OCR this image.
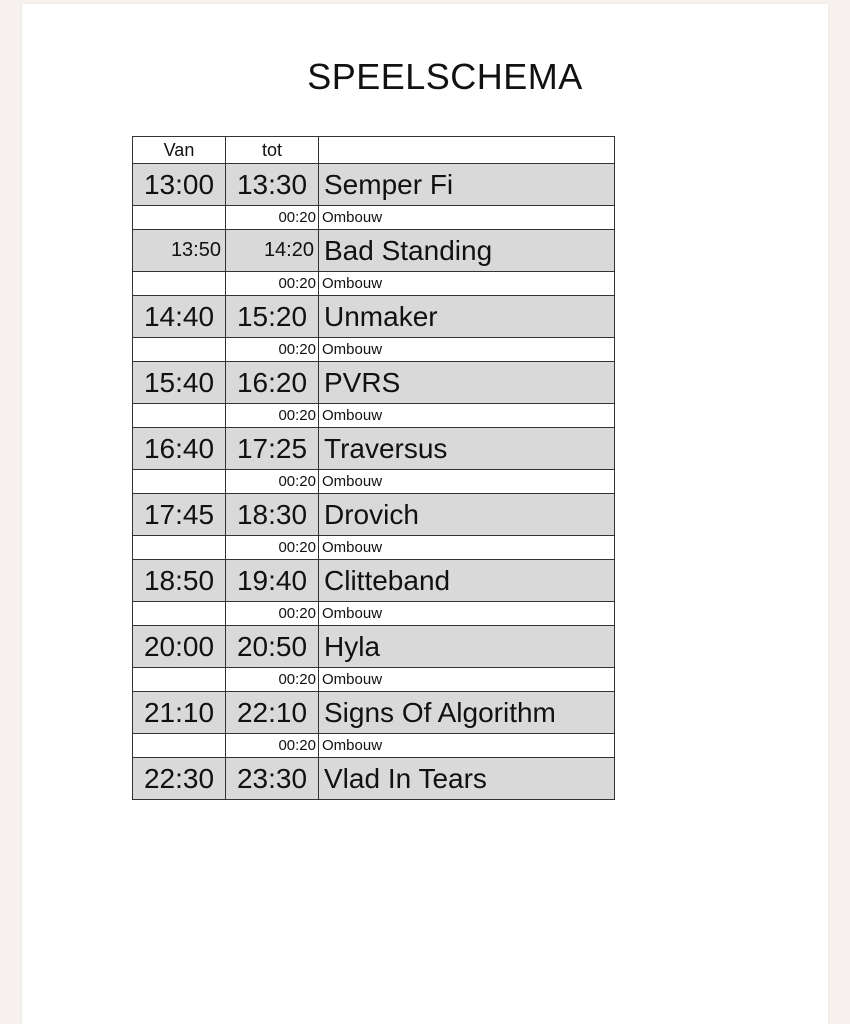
SPEELSCHEMA
Van	tot	
13:00	13:30	Semper Fi
	00:20	Ombouw
13:50	14:20	Bad Standing
	00:20	Ombouw
14:40	15:20	Unmaker
	00:20	Ombouw
15:40	16:20	PVRS
	00:20	Ombouw
16:40	17:25	Traversus
	00:20	Ombouw
17:45	18:30	Drovich
	00:20	Ombouw
18:50	19:40	Clitteband
	00:20	Ombouw
20:00	20:50	Hyla
	00:20	Ombouw
21:10	22:10	Signs Of Algorithm
	00:20	Ombouw
22:30	23:30	Vlad In Tears
